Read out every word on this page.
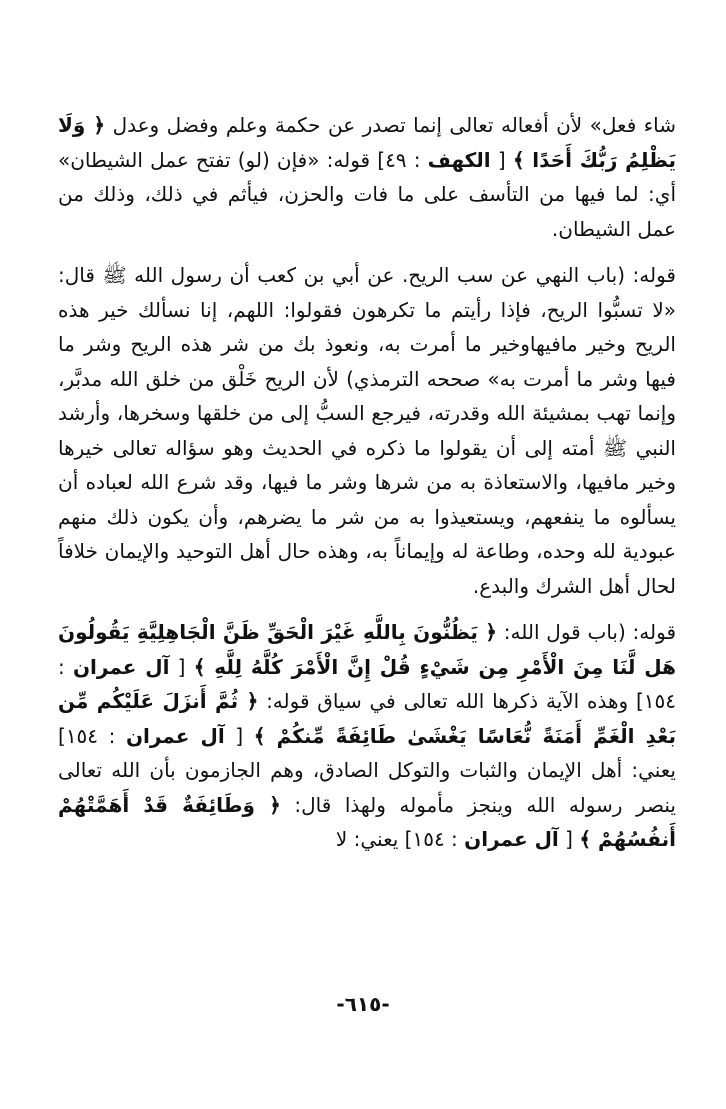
شاء فعل» لأن أفعاله تعالى إنما تصدر عن حكمة وعلم وفضل وعدل ﴿ وَلَا يَظْلِمُ رَبُّكَ أَحَدًا ﴾ [ الكهف : ٤٩] قوله: «فإن (لو) تفتح عمل الشيطان» أي: لما فيها من التأسف على ما فات والحزن، فيأثم في ذلك، وذلك من عمل الشيطان.

قوله: (باب النهي عن سب الريح. عن أبي بن كعب أن رسول الله ﷺ قال: «لا تسبُّوا الريح، فإذا رأيتم ما تكرهون فقولوا: اللهم، إنا نسألك خير هذه الريح وخير مافيهاوخير ما أمرت به، ونعوذ بك من شر هذه الريح وشر ما فيها وشر ما أمرت به» صححه الترمذي) لأن الريح خَلْق من خلق الله مدبَّر، وإنما تهب بمشيئة الله وقدرته، فيرجع السبُّ إلى من خلقها وسخرها، وأرشد النبي ﷺ أمته إلى أن يقولوا ما ذكره في الحديث وهو سؤاله تعالى خيرها وخير مافيها، والاستعاذة به من شرها وشر ما فيها، وقد شرع الله لعباده أن يسألوه ما ينفعهم، ويستعيذوا به من شر ما يضرهم، وأن يكون ذلك منهم عبودية لله وحده، وطاعة له وإيماناً به، وهذه حال أهل التوحيد والإيمان خلافاً لحال أهل الشرك والبدع.

قوله: (باب قول الله: ﴿ يَظُنُّونَ بِاللَّهِ غَيْرَ الْحَقِّ ظَنَّ الْجَاهِلِيَّةِ يَقُولُونَ هَل لَّنَا مِنَ الْأَمْرِ مِن شَيْءٍ قُلْ إِنَّ الْأَمْرَ كُلَّهُ لِلَّهِ ﴾ [ آل عمران : ١٥٤] وهذه الآية ذكرها الله تعالى في سياق قوله: ﴿ ثُمَّ أَنزَلَ عَلَيْكُم مِّن بَعْدِ الْغَمِّ أَمَنَةً نُّعَاسًا يَغْشَىٰ طَائِفَةً مِّنكُمْ ﴾ [ آل عمران : ١٥٤] يعني: أهل الإيمان والثبات والتوكل الصادق، وهم الجازمون بأن الله تعالى ينصر رسوله الله وينجز مأموله ولهذا قال: ﴿ وَطَائِفَةٌ قَدْ أَهَمَّتْهُمْ أَنفُسُهُمْ ﴾ [ آل عمران : ١٥٤] يعني: لا

-٦١٥-
